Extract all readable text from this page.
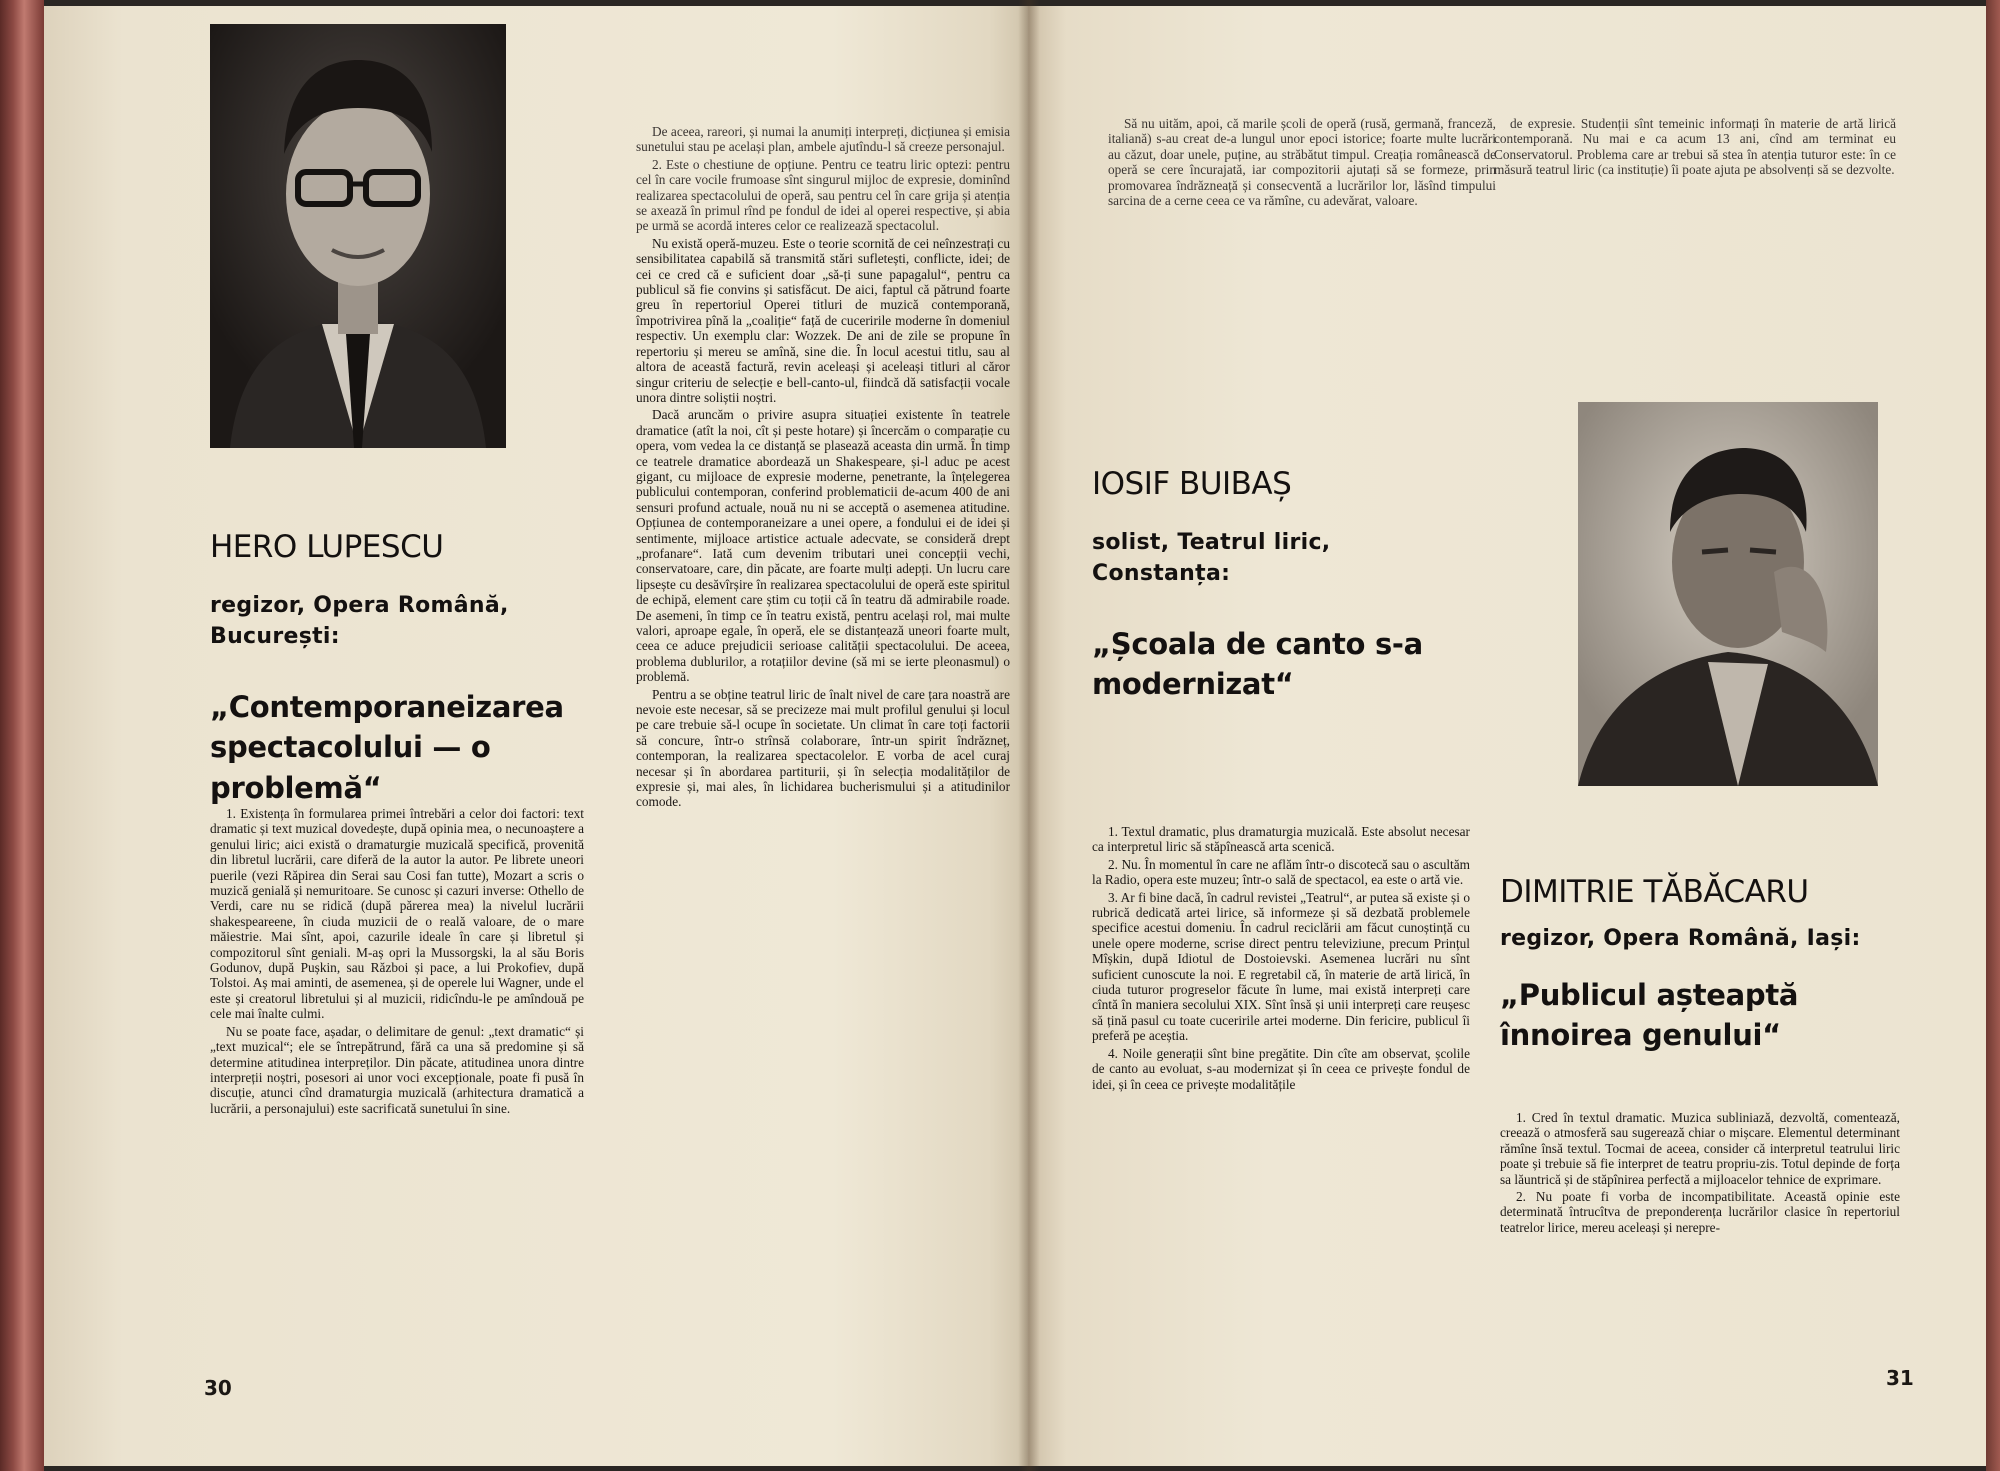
HERO LUPESCU
regizor, Opera Română,
București:
„Contemporaneizarea
spectacolului — o problemă“

1. Existența în formularea primei întrebări a celor doi factori: text dramatic și text muzical dovedește, după opinia mea, o necunoaștere a genului liric; aici există o dramaturgie muzicală specifică, provenită din libretul lucrării, care diferă de la autor la autor. Pe librete uneori puerile (vezi Răpirea din Serai sau Cosi fan tutte), Mozart a scris o muzică genială și nemuritoare. Se cunosc și cazuri inverse: Othello de Verdi, care nu se ridică (după părerea mea) la nivelul lucrării shakespeareene, în ciuda muzicii de o reală valoare, de o mare măiestrie. Mai sînt, apoi, cazurile ideale în care și libretul și compozitorul sînt geniali. M-aș opri la Mussorgski, la al său Boris Godunov, după Pușkin, sau Război și pace, a lui Prokofiev, după Tolstoi. Aș mai aminti, de asemenea, și de operele lui Wagner, unde el este și creatorul libretului și al muzicii, ridicîndu-le pe amîndouă pe cele mai înalte culmi.

Nu se poate face, așadar, o delimitare de genul: „text dramatic“ și „text muzical“; ele se întrepătrund, fără ca una să predomine și să determine atitudinea interpreților. Din păcate, atitudinea unora dintre interpreții noștri, posesori ai unor voci excepționale, poate fi pusă în discuție, atunci cînd dramaturgia muzicală (arhitectura dramatică a lucrării, a personajului) este sacrificată sunetului în sine.

De aceea, rareori, și numai la anumiți interpreți, dicțiunea și emisia sunetului stau pe același plan, ambele ajutîndu-l să creeze personajul.

2. Este o chestiune de opțiune. Pentru ce teatru liric optezi: pentru cel în care vocile frumoase sînt singurul mijloc de expresie, dominînd realizarea spectacolului de operă, sau pentru cel în care grija și atenția se axează în primul rînd pe fondul de idei al operei respective, și abia pe urmă se acordă interes celor ce realizează spectacolul.

Nu există operă-muzeu. Este o teorie scornită de cei neînzestrați cu sensibilitatea capabilă să transmită stări sufletești, conflicte, idei; de cei ce cred că e suficient doar „să-ți sune papagalul“, pentru ca publicul să fie convins și satisfăcut. De aici, faptul că pătrund foarte greu în repertoriul Operei titluri de muzică contemporană, împotrivirea pînă la „coaliție“ față de cuceririle moderne în domeniul respectiv. Un exemplu clar: Wozzek. De ani de zile se propune în repertoriu și mereu se amînă, sine die. În locul acestui titlu, sau al altora de această factură, revin aceleași și aceleași titluri al căror singur criteriu de selecție e bell-canto-ul, fiindcă dă satisfacții vocale unora dintre soliștii noștri.

Dacă aruncăm o privire asupra situației existente în teatrele dramatice (atît la noi, cît și peste hotare) și încercăm o comparație cu opera, vom vedea la ce distanță se plasează aceasta din urmă. În timp ce teatrele dramatice abordează un Shakespeare, și-l aduc pe acest gigant, cu mijloace de expresie moderne, penetrante, la înțelegerea publicului contemporan, conferind problematicii de-acum 400 de ani sensuri profund actuale, nouă nu ni se acceptă o asemenea atitudine. Opțiunea de contemporaneizare a unei opere, a fondului ei de idei și sentimente, mijloace artistice actuale adecvate, se consideră drept „profanare“. Iată cum devenim tributari unei concepții vechi, conservatoare, care, din păcate, are foarte mulți adepți. Un lucru care lipsește cu desăvîrșire în realizarea spectacolului de operă este spiritul de echipă, element care știm cu toții că în teatru dă admirabile roade. De asemeni, în timp ce în teatru există, pentru același rol, mai multe valori, aproape egale, în operă, ele se distanțează uneori foarte mult, ceea ce aduce prejudicii serioase calității spectacolului. De aceea, problema dublurilor, a rotațiilor devine (să mi se ierte pleonasmul) o problemă.

Pentru a se obține teatrul liric de înalt nivel de care țara noastră are nevoie este necesar, să se precizeze mai mult profilul genului și locul pe care trebuie să-l ocupe în societate. Un climat în care toți factorii să concure, într-o strînsă colaborare, într-un spirit îndrăzneț, contemporan, la realizarea spectacolelor. E vorba de acel curaj necesar și în abordarea partiturii, și în selecția modalităților de expresie și, mai ales, în lichidarea bucherismului și a atitudinilor comode.

30

Să nu uităm, apoi, că marile școli de operă (rusă, germană, franceză, italiană) s-au creat de-a lungul unor epoci istorice; foarte multe lucrări au căzut, doar unele, puține, au străbătut timpul. Creația românească de operă se cere încurajată, iar compozitorii ajutați să se formeze, prin promovarea îndrăzneață și consecventă a lucrărilor lor, lăsînd timpului sarcina de a cerne ceea ce va rămîne, cu adevărat, valoare.

de expresie. Studenții sînt temeinic informați în materie de artă lirică contemporană. Nu mai e ca acum 13 ani, cînd am terminat eu Conservatorul. Problema care ar trebui să stea în atenția tuturor este: în ce măsură teatrul liric (ca instituție) îi poate ajuta pe absolvenți să se dezvolte.

IOSIF BUIBAȘ
solist, Teatrul liric,
Constanța:
„Școala de canto s-a
modernizat“

1. Textul dramatic, plus dramaturgia muzicală. Este absolut necesar ca interpretul liric să stăpînească arta scenică.

2. Nu. În momentul în care ne aflăm într-o discotecă sau o ascultăm la Radio, opera este muzeu; într-o sală de spectacol, ea este o artă vie.

3. Ar fi bine dacă, în cadrul revistei „Teatrul“, ar putea să existe și o rubrică dedicată artei lirice, să informeze și să dezbată problemele specifice acestui domeniu. În cadrul reciclării am făcut cunoștință cu unele opere moderne, scrise direct pentru televiziune, precum Prințul Mîșkin, după Idiotul de Dostoievski. Asemenea lucrări nu sînt suficient cunoscute la noi. E regretabil că, în materie de artă lirică, în ciuda tuturor progreselor făcute în lume, mai există interpreți care cîntă în maniera secolului XIX. Sînt însă și unii interpreți care reușesc să țină pasul cu toate cuceririle artei moderne. Din fericire, publicul îi preferă pe aceștia.

4. Noile generații sînt bine pregătite. Din cîte am observat, școlile de canto au evoluat, s-au modernizat și în ceea ce privește fondul de idei, și în ceea ce privește modalitățile

DIMITRIE TĂBĂCARU
regizor, Opera Română, Iași:
„Publicul așteaptă
înnoirea genului“

1. Cred în textul dramatic. Muzica subliniază, dezvoltă, comentează, creează o atmosferă sau sugerează chiar o mișcare. Elementul determinant rămîne însă textul. Tocmai de aceea, consider că interpretul teatrului liric poate și trebuie să fie interpret de teatru propriu-zis. Totul depinde de forța sa lăuntrică și de stăpînirea perfectă a mijloacelor tehnice de exprimare.

2. Nu poate fi vorba de incompatibilitate. Această opinie este determinată întrucîtva de preponderența lucrărilor clasice în repertoriul teatrelor lirice, mereu aceleași și nerepre-

31
